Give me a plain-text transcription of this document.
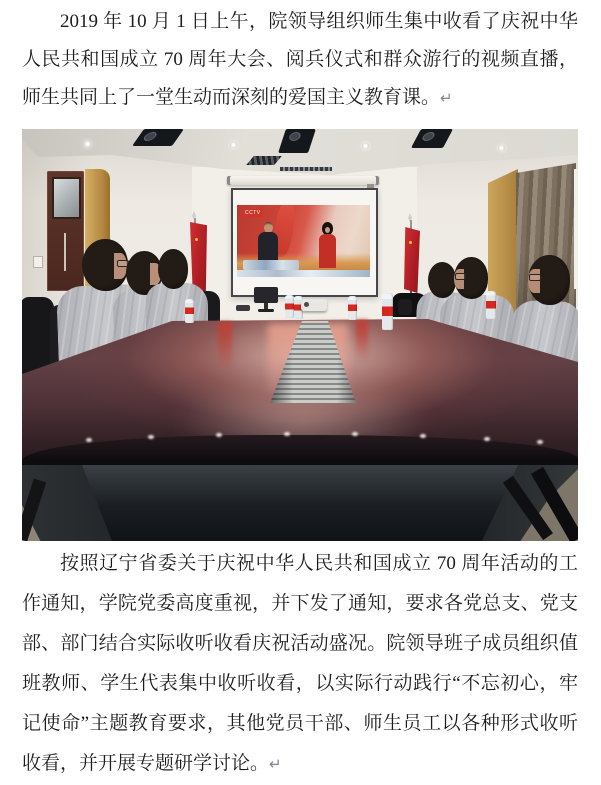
2019 年 10 月 1 日上午，院领导组织师生集中收看了庆祝中华人民共和国成立 70 周年大会、阅兵仪式和群众游行的视频直播，师生共同上了一堂生动而深刻的爱国主义教育课。↵

CCTV

按照辽宁省委关于庆祝中华人民共和国成立 70 周年活动的工作通知，学院党委高度重视，并下发了通知，要求各党总支、党支部、部门结合实际收听收看庆祝活动盛况。院领导班子成员组织值班教师、学生代表集中收听收看，以实际行动践行“不忘初心，牢记使命”主题教育要求，其他党员干部、师生员工以各种形式收听收看，并开展专题研学讨论。↵
